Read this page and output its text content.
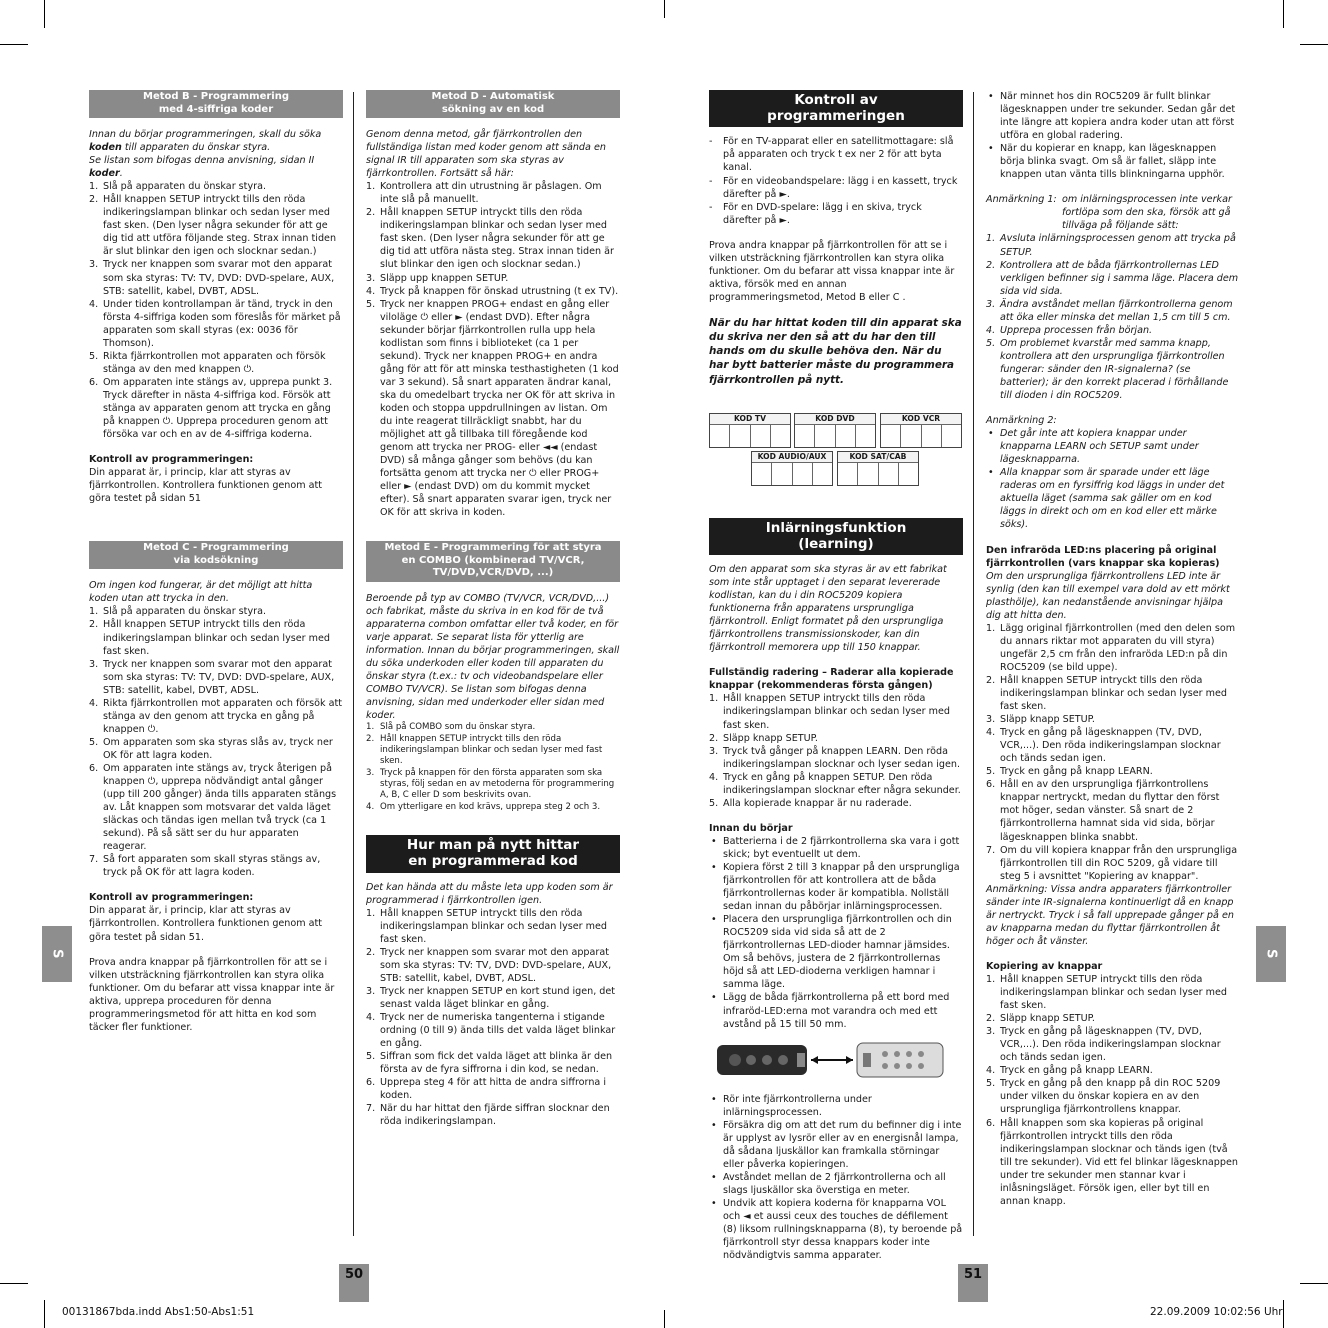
S	S
50	51
00131867bda.indd Abs1:50-Abs1:51	22.09.2009 10:02:56 Uhr
Metod B - Programmering
med 4-siffriga koder

Innan du börjar programmeringen, skall du söka koden till apparaten du önskar styra.

Se listan som bifogas denna anvisning, sidan II koder.

1. Slå på apparaten du önskar styra.
2. Håll knappen SETUP intryckt tills den röda indikeringslampan blinkar och sedan lyser med fast sken. (Den lyser några sekunder för att ge dig tid att utföra följande steg. Strax innan tiden är slut blinkar den igen och slocknar sedan.)
3. Tryck ner knappen som svarar mot den apparat som ska styras: TV: TV, DVD: DVD-spelare, AUX, STB: satellit, kabel, DVBT, ADSL.
4. Under tiden kontrollampan är tänd, tryck in den första 4-siffriga koden som föreslås för märket på apparaten som skall styras (ex: 0036 för Thomson).
5. Rikta fjärrkontrollen mot apparaten och försök stänga av den med knappen ⏻.
6. Om apparaten inte stängs av, upprepa punkt 3. Tryck därefter in nästa 4-siffriga kod. Försök att stänga av apparaten genom att trycka en gång på knappen ⏻. Upprepa proceduren genom att försöka var och en av de 4-siffriga koderna.

Kontroll av programmeringen:

Din apparat är, i princip, klar att styras av fjärrkontrollen. Kontrollera funktionen genom att göra testet på sidan 51

Metod C - Programmering
via kodsökning

Om ingen kod fungerar, är det möjligt att hitta koden utan att trycka in den.

1. Slå på apparaten du önskar styra.
2. Håll knappen SETUP intryckt tills den röda indikeringslampan blinkar och sedan lyser med fast sken.
3. Tryck ner knappen som svarar mot den apparat som ska styras: TV: TV, DVD: DVD-spelare, AUX, STB: satellit, kabel, DVBT, ADSL.
4. Rikta fjärrkontrollen mot apparaten och försök att stänga av den genom att trycka en gång på knappen ⏻.
5. Om apparaten som ska styras slås av, tryck ner OK för att lagra koden.
6. Om apparaten inte stängs av, tryck återigen på knappen ⏻, upprepa nödvändigt antal gånger (upp till 200 gånger) ända tills apparaten stängs av. Låt knappen som motsvarar det valda läget släckas och tändas igen mellan två tryck (ca 1 sekund). På så sätt ser du hur apparaten reagerar.
7. Så fort apparaten som skall styras stängs av, tryck på OK för att lagra koden.

Kontroll av programmeringen:

Din apparat är, i princip, klar att styras av fjärrkontrollen. Kontrollera funktionen genom att göra testet på sidan 51.

Prova andra knappar på fjärrkontrollen för att se i vilken utsträckning fjärrkontrollen kan styra olika funktioner. Om du befarar att vissa knappar inte är aktiva, upprepa proceduren för denna programmeringsmetod för att hitta en kod som täcker fler funktioner.

Metod D - Automatisk
sökning av en kod

Genom denna metod, går fjärrkontrollen den fullständiga listan med koder genom att sända en signal IR till apparaten som ska styras av fjärrkontrollen. Fortsätt så här:

1. Kontrollera att din utrustning är påslagen. Om inte slå på manuellt.
2. Håll knappen SETUP intryckt tills den röda indikeringslampan blinkar och sedan lyser med fast sken. (Den lyser några sekunder för att ge dig tid att utföra nästa steg. Strax innan tiden är slut blinkar den igen och slocknar sedan.)
3. Släpp upp knappen SETUP.
4. Tryck på knappen för önskad utrustning (t ex TV).
5. Tryck ner knappen PROG+ endast en gång eller viloläge ⏻ eller ► (endast DVD). Efter några sekunder börjar fjärrkontrollen rulla upp hela kodlistan som finns i biblioteket (ca 1 per sekund). Tryck ner knappen PROG+ en andra gång för att för att minska testhastigheten (1 kod var 3 sekund). Så snart apparaten ändrar kanal, ska du omedelbart trycka ner OK för att skriva in koden och stoppa uppdrullningen av listan. Om du inte reagerat tillräckligt snabbt, har du möjlighet att gå tillbaka till föregående kod genom att trycka ner PROG- eller ◄◄ (endast DVD) så många gånger som behövs (du kan fortsätta genom att trycka ner ⏻ eller PROG+ eller ► (endast DVD) om du kommit mycket efter). Så snart apparaten svarar igen, tryck ner OK för att skriva in koden.
Metod E - Programmering för att styra
en COMBO (kombinerad TV/VCR,
TV/DVD,VCR/DVD, ...)

Beroende på typ av COMBO (TV/VCR, VCR/DVD,...) och fabrikat, måste du skriva in en kod för de två apparaterna combon omfattar eller två koder, en för varje apparat. Se separat lista för ytterlig are information. Innan du börjar programmeringen, skall du söka underkoden eller koden till apparaten du önskar styra (t.ex.: tv och videobandspelare eller COMBO TV/VCR). Se listan som bifogas denna anvisning, sidan med underkoder eller sidan med koder.

1. Slå på COMBO som du önskar styra.
2. Håll knappen SETUP intryckt tills den röda indikeringslampan blinkar och sedan lyser med fast sken.
3. Tryck på knappen för den första apparaten som ska styras, följ sedan en av metoderna för programmering A, B, C eller D som beskrivits ovan.
4. Om ytterligare en kod krävs, upprepa steg 2 och 3.
Hur man på nytt hittar
en programmerad kod

Det kan hända att du måste leta upp koden som är programmerad i fjärrkontrollen igen.

1. Håll knappen SETUP intryckt tills den röda indikeringslampan blinkar och sedan lyser med fast sken.
2. Tryck ner knappen som svarar mot den apparat som ska styras: TV: TV, DVD: DVD-spelare, AUX, STB: satellit, kabel, DVBT, ADSL.
3. Tryck ner knappen SETUP en kort stund igen, det senast valda läget blinkar en gång.
4. Tryck ner de numeriska tangenterna i stigande ordning (0 till 9) ända tills det valda läget blinkar en gång.
5. Siffran som fick det valda läget att blinka är den första av de fyra siffrorna i din kod, se nedan.
6. Upprepa steg 4 för att hitta de andra siffrorna i koden.
7. När du har hittat den fjärde siffran slocknar den röda indikeringslampan.
Kontroll av
programmeringen
- För en TV-apparat eller en satellitmottagare: slå på apparaten och tryck t ex ner 2 för att byta kanal.
- För en videobandspelare: lägg i en kassett, tryck därefter på ►.
- För en DVD-spelare: lägg i en skiva, tryck därefter på ►.

Prova andra knappar på fjärrkontrollen för att se i vilken utsträckning fjärrkontrollen kan styra olika funktioner. Om du befarar att vissa knappar inte är aktiva, försök med en annan programmeringsmetod, Metod B eller C .

När du har hittat koden till din apparat ska du skriva ner den så att du har den till hands om du skulle behöva den. När du har bytt batterier måste du programmera fjärrkontrollen på nytt.

KOD TV	KOD DVD	KOD VCR
KOD AUDIO/AUX	KOD SAT/CAB
Inlärningsfunktion
(learning)

Om den apparat som ska styras är av ett fabrikat som inte står upptaget i den separat levererade kodlistan, kan du i din ROC5209 kopiera funktionerna från apparatens ursprungliga fjärrkontroll. Enligt formatet på den ursprungliga fjärrkontrollens transmissionskoder, kan din fjärrkontroll memorera upp till 150 knappar.

Fullständig radering – Raderar alla kopierade knappar (rekommenderas första gången)

1. Håll knappen SETUP intryckt tills den röda indikeringslampan blinkar och sedan lyser med fast sken.
2. Släpp knapp SETUP.
3. Tryck två gånger på knappen LEARN. Den röda indikeringslampan slocknar och lyser sedan igen.
4. Tryck en gång på knappen SETUP. Den röda indikeringslampan slocknar efter några sekunder.
5. Alla kopierade knappar är nu raderade.

Innan du börjar

• Batterierna i de 2 fjärrkontrollerna ska vara i gott skick; byt eventuellt ut dem.
• Kopiera först 2 till 3 knappar på den ursprungliga fjärrkontrollen för att kontrollera att de båda fjärrkontrollernas koder är kompatibla. Nollställ sedan innan du påbörjar inlärningsprocessen.
• Placera den ursprungliga fjärrkontrollen och din ROC5209 sida vid sida så att de 2 fjärrkontrollernas LED-dioder hamnar jämsides. Om så behövs, justera de 2 fjärrkontrollernas höjd så att LED-dioderna verkligen hamnar i samma läge.
• Lägg de båda fjärrkontrollerna på ett bord med infraröd-LED:erna mot varandra och med ett avstånd på 15 till 50 mm.
• Rör inte fjärrkontrollerna under inlärningsprocessen.
• Försäkra dig om att det rum du befinner dig i inte är upplyst av lysrör eller av en energisnål lampa, då sådana ljuskällor kan framkalla störningar eller påverka kopieringen.
• Avståndet mellan de 2 fjärrkontrollerna och all slags ljuskällor ska överstiga en meter.
• Undvik att kopiera koderna för knapparna VOL och ◄ et aussi ceux des touches de défilement (8) liksom rullningsknapparna (8), ty beroende på fjärrkontroll styr dessa knappars koder inte nödvändigtvis samma apparater.
• När minnet hos din ROC5209 är fullt blinkar lägesknappen under tre sekunder. Sedan går det inte längre att kopiera andra koder utan att först utföra en global radering.
• När du kopierar en knapp, kan lägesknappen börja blinka svagt. Om så är fallet, släpp inte knappen utan vänta tills blinkningarna upphör.
Anmärkning 1: om inlärningsprocessen inte verkar fortlöpa som den ska, försök att gå tillväga på följande sätt:
1. Avsluta inlärningsprocessen genom att trycka på SETUP.
2. Kontrollera att de båda fjärrkontrollernas LED verkligen befinner sig i samma läge. Placera dem sida vid sida.
3. Ändra avståndet mellan fjärrkontrollerna genom att öka eller minska det mellan 1,5 cm till 5 cm.
4. Upprepa processen från början.
5. Om problemet kvarstår med samma knapp, kontrollera att den ursprungliga fjärrkontrollen fungerar: sänder den IR-signalerna? (se batterier); är den korrekt placerad i förhållande till dioden i din ROC5209.

Anmärkning 2:

• Det går inte att kopiera knappar under knapparna LEARN och SETUP samt under lägesknapparna.
• Alla knappar som är sparade under ett läge raderas om en fyrsiffrig kod läggs in under det aktuella läget (samma sak gäller om en kod läggs in direkt och om en kod eller ett märke söks).

Den infraröda LED:ns placering på original fjärrkontrollen (vars knappar ska kopieras)

Om den ursprungliga fjärrkontrollens LED inte är synlig (den kan till exempel vara dold av ett mörkt plasthölje), kan nedanstående anvisningar hjälpa dig att hitta den.

1. Lägg original fjärrkontrollen (med den delen som du annars riktar mot apparaten du vill styra) ungefär 2,5 cm från den infraröda LED:n på din ROC5209 (se bild uppe).
2. Håll knappen SETUP intryckt tills den röda indikeringslampan blinkar och sedan lyser med fast sken.
3. Släpp knapp SETUP.
4. Tryck en gång på lägesknappen (TV, DVD, VCR,...). Den röda indikeringslampan slocknar och tänds sedan igen.
5. Tryck en gång på knapp LEARN.
6. Håll en av den ursprungliga fjärrkontrollens knappar nertryckt, medan du flyttar den först mot höger, sedan vänster. Så snart de 2 fjärrkontrollerna hamnat sida vid sida, börjar lägesknappen blinka snabbt.
7. Om du vill kopiera knappar från den ursprungliga fjärrkontrollen till din ROC 5209, gå vidare till steg 5 i avsnittet "Kopiering av knappar".

Anmärkning: Vissa andra apparaters fjärrkontroller sänder inte IR-signalerna kontinuerligt då en knapp är nertryckt. Tryck i så fall upprepade gånger på en av knapparna medan du flyttar fjärrkontrollen åt höger och åt vänster.

Kopiering av knappar

1. Håll knappen SETUP intryckt tills den röda indikeringslampan blinkar och sedan lyser med fast sken.
2. Släpp knapp SETUP.
3. Tryck en gång på lägesknappen (TV, DVD, VCR,...). Den röda indikeringslampan slocknar och tänds sedan igen.
4. Tryck en gång på knapp LEARN.
5. Tryck en gång på den knapp på din ROC 5209 under vilken du önskar kopiera en av den ursprungliga fjärrkontrollens knappar.
6. Håll knappen som ska kopieras på original fjärrkontrollen intryckt tills den röda indikeringslampan slocknar och tänds igen (två till tre sekunder). Vid ett fel blinkar lägesknappen under tre sekunder men stannar kvar i inlåsningsläget. Försök igen, eller byt till en annan knapp.
